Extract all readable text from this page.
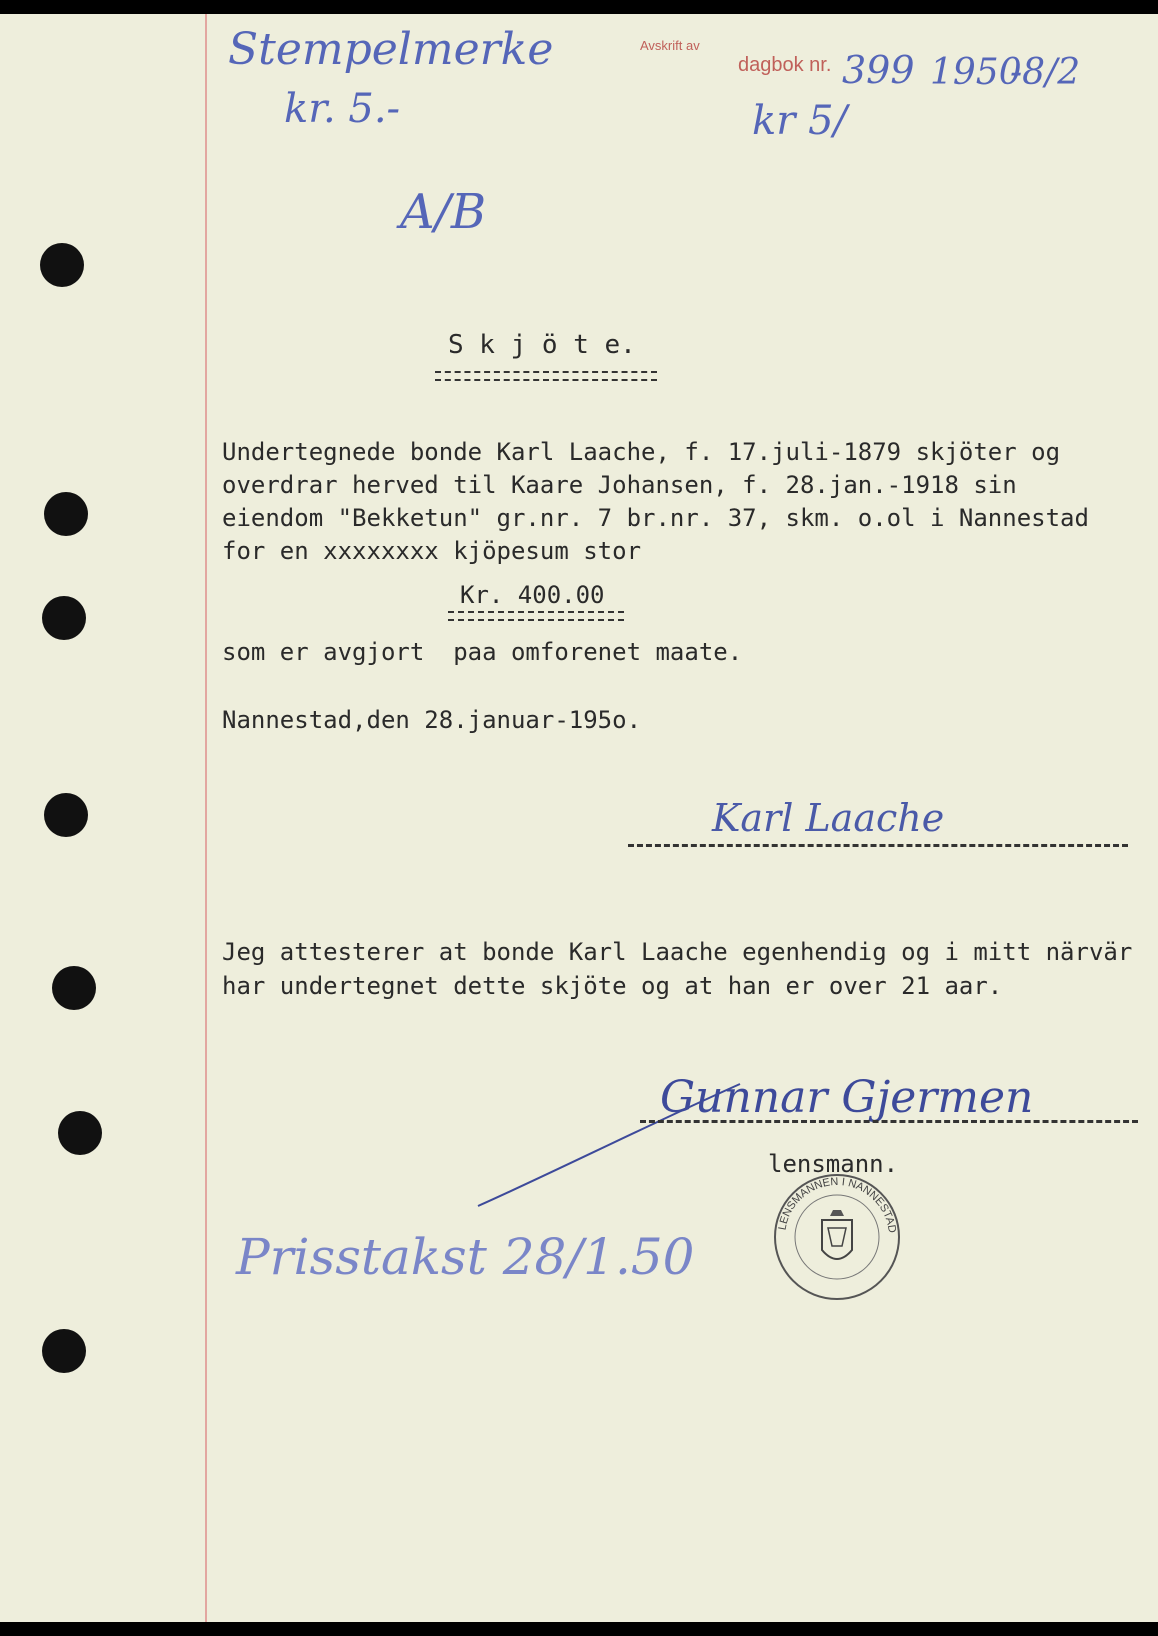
Stempelmerke
kr. 5.-
A/B
Avskrift av
dagbok nr. 399 1950
-8/2
kr 5/
S k j ö t e.
Undertegnede bonde Karl Laache, f. 17.juli-1879 skjöter og
overdrar herved til Kaare Johansen, f. 28.jan.-1918 sin
eiendom "Bekketun" gr.nr. 7 br.nr. 37, skm. o.ol i Nannestad
for en xxxxxxxx kjöpesum stor
Kr. 400.00
som er avgjort  paa omforenet maate.
Nannestad,den 28.januar-195o.
Karl Laache
Jeg attesterer at bonde Karl Laache egenhendig og i mitt närvär
har undertegnet dette skjöte og at han er over 21 aar.
Gunnar Gjermen
lensmann.
LENSMANNEN I NANNESTAD
Prisstakst 28/1.50
